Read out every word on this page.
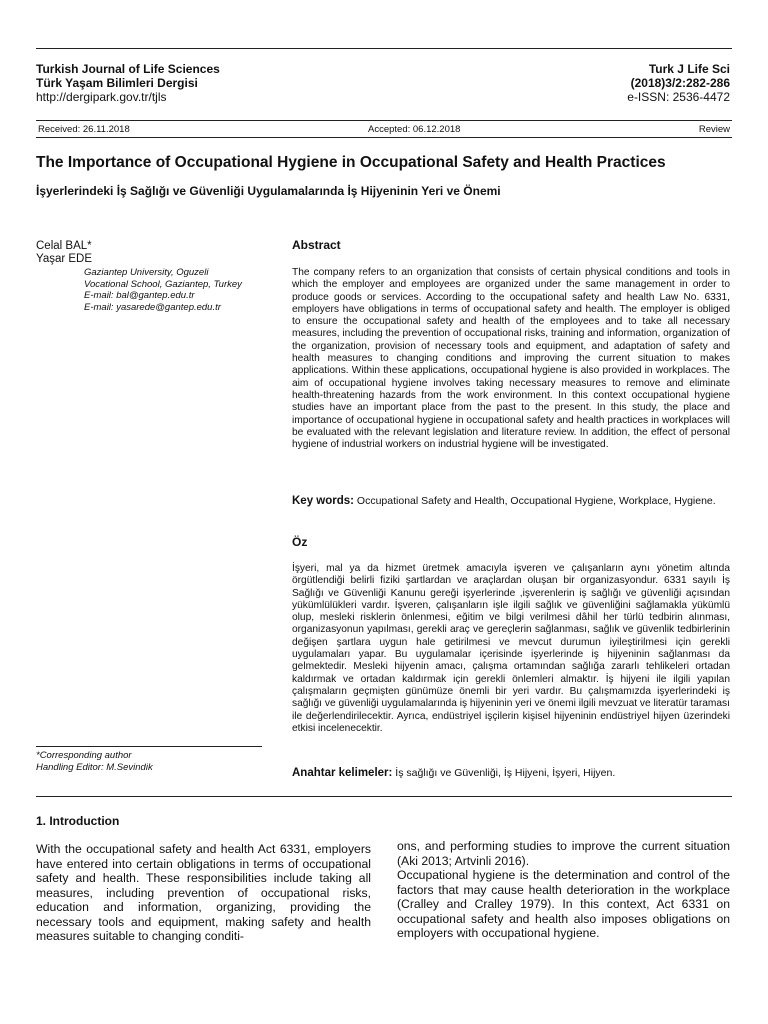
Turkish Journal of Life Sciences
Türk Yaşam Bilimleri Dergisi
http://dergipark.gov.tr/tjls
Turk J Life Sci
(2018)3/2:282-286
e-ISSN: 2536-4472
Received: 26.11.2018	Accepted: 06.12.2018	Review
The Importance of Occupational Hygiene in Occupational Safety and Health Practices
İşyerlerindeki İş Sağlığı ve Güvenliği Uygulamalarında İş Hijyeninin Yeri ve Önemi
Celal BAL*
Yaşar EDE
Gaziantep University, Oguzeli
Vocational School, Gaziantep, Turkey
E-mail: bal@gantep.edu.tr
E-mail: yasarede@gantep.edu.tr
*Corresponding author
Handling Editor: M.Sevindik
Abstract
The company refers to an organization that consists of certain physical conditions and tools in which the employer and employees are organized under the same management in order to produce goods or services. According to the occupational safety and health Law No. 6331, employers have obligations in terms of occupational safety and health. The employer is obliged to ensure the occupational safety and health of the employees and to take all necessary measures, including the prevention of occupational risks, training and information, organization of the organization, provision of necessary tools and equipment, and adaptation of safety and health measures to changing conditions and improving the current situation to makes applications. Within these applications, occupational hygiene is also provided in workplaces. The aim of occupational hygiene involves taking necessary measures to remove and eliminate health-threatening hazards from the work environment. In this context occupational hygiene studies have an important place from the past to the present. In this study, the place and importance of occupational hygiene in occupational safety and health practices in workplaces will be evaluated with the relevant legislation and literature review. In addition, the effect of personal hygiene of industrial workers on industrial hygiene will be investigated.
Key words: Occupational Safety and Health, Occupational Hygiene, Workplace, Hygiene.
Öz
İşyeri, mal ya da hizmet üretmek amacıyla işveren ve çalışanların aynı yönetim altında örgütlendiği belirli fiziki şartlardan ve araçlardan oluşan bir organizasyondur. 6331 sayılı İş Sağlığı ve Güvenliği Kanunu gereği işyerlerinde ,işverenlerin iş sağlığı ve güvenliği açısından yükümlülükleri vardır. İşveren, çalışanların işle ilgili sağlık ve güvenliğini sağlamakla yükümlü olup, mesleki risklerin önlenmesi, eğitim ve bilgi verilmesi dâhil her türlü tedbirin alınması, organizasyonun yapılması, gerekli araç ve gereçlerin sağlanması, sağlık ve güvenlik tedbirlerinin değişen şartlara uygun hale getirilmesi ve mevcut durumun iyileştirilmesi için gerekli uygulamaları yapar. Bu uygulamalar içerisinde işyerlerinde iş hijyeninin sağlanması da gelmektedir. Mesleki hijyenin amacı, çalışma ortamından sağlığa zararlı tehlikeleri ortadan kaldırmak ve ortadan kaldırmak için gerekli önlemleri almaktır. İş hijyeni ile ilgili yapılan çalışmaların geçmişten günümüze önemli bir yeri vardır. Bu çalışmamızda işyerlerindeki iş sağlığı ve güvenliği uygulamalarında iş hijyeninin yeri ve önemi ilgili mevzuat ve literatür taraması ile değerlendirilecektir. Ayrıca, endüstriyel işçilerin kişisel hijyeninin endüstriyel hijyen üzerindeki etkisi incelenecektir.
Anahtar kelimeler: İş sağlığı ve Güvenliği, İş Hijyeni, İşyeri, Hijyen.
1. Introduction
With the occupational safety and health Act 6331, employers have entered into certain obligations in terms of occupational safety and health. These responsibilities include taking all measures, including prevention of occupational risks, education and information, organizing, providing the necessary tools and equipment, making safety and health measures suitable to changing conditi-
ons, and performing studies to improve the current situation (Aki 2013; Artvinli 2016).
Occupational hygiene is the determination and control of the factors that may cause health deterioration in the workplace (Cralley and Cralley 1979). In this context, Act 6331 on occupational safety and health also imposes obligations on employers with occupational hygiene.
